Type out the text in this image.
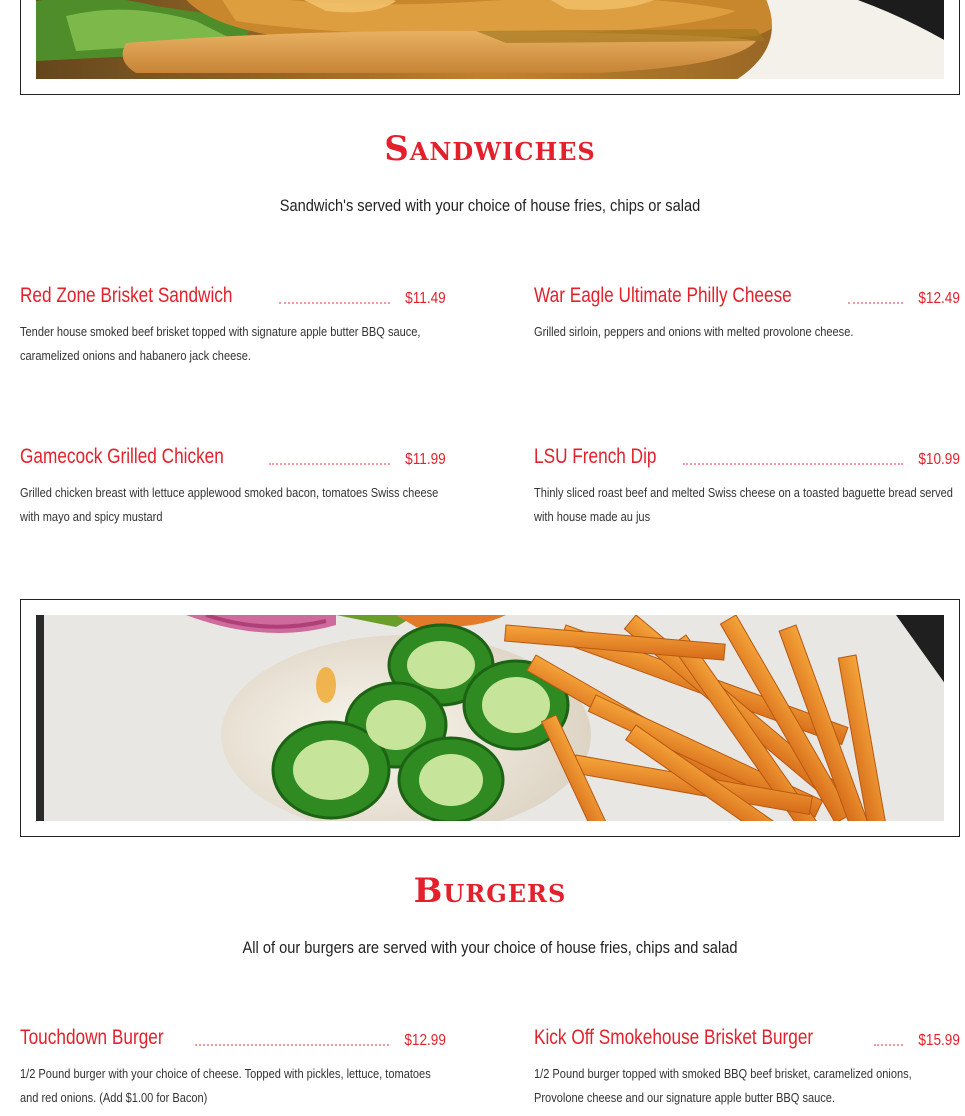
Sandwiches
Sandwich's served with your choice of house fries, chips or salad
Red Zone Brisket Sandwich	$11.49
Tender house smoked beef brisket topped with signature apple butter BBQ sauce, caramelized onions and habanero jack cheese.
War Eagle Ultimate Philly Cheese	$12.49
Grilled sirloin, peppers and onions with melted provolone cheese.
Gamecock Grilled Chicken	$11.99
Grilled chicken breast with lettuce applewood smoked bacon, tomatoes Swiss cheese with mayo and spicy mustard
LSU French Dip	$10.99
Thinly sliced roast beef and melted Swiss cheese on a toasted baguette bread served with house made au jus
Burgers
All of our burgers are served with your choice of house fries, chips and salad
Touchdown Burger	$12.99
1/2 Pound burger with your choice of cheese. Topped with pickles, lettuce, tomatoes and red onions. (Add $1.00 for Bacon)
Kick Off Smokehouse Brisket Burger	$15.99
1/2 Pound burger topped with smoked BBQ beef brisket, caramelized onions, Provolone cheese and our signature apple butter BBQ sauce.
